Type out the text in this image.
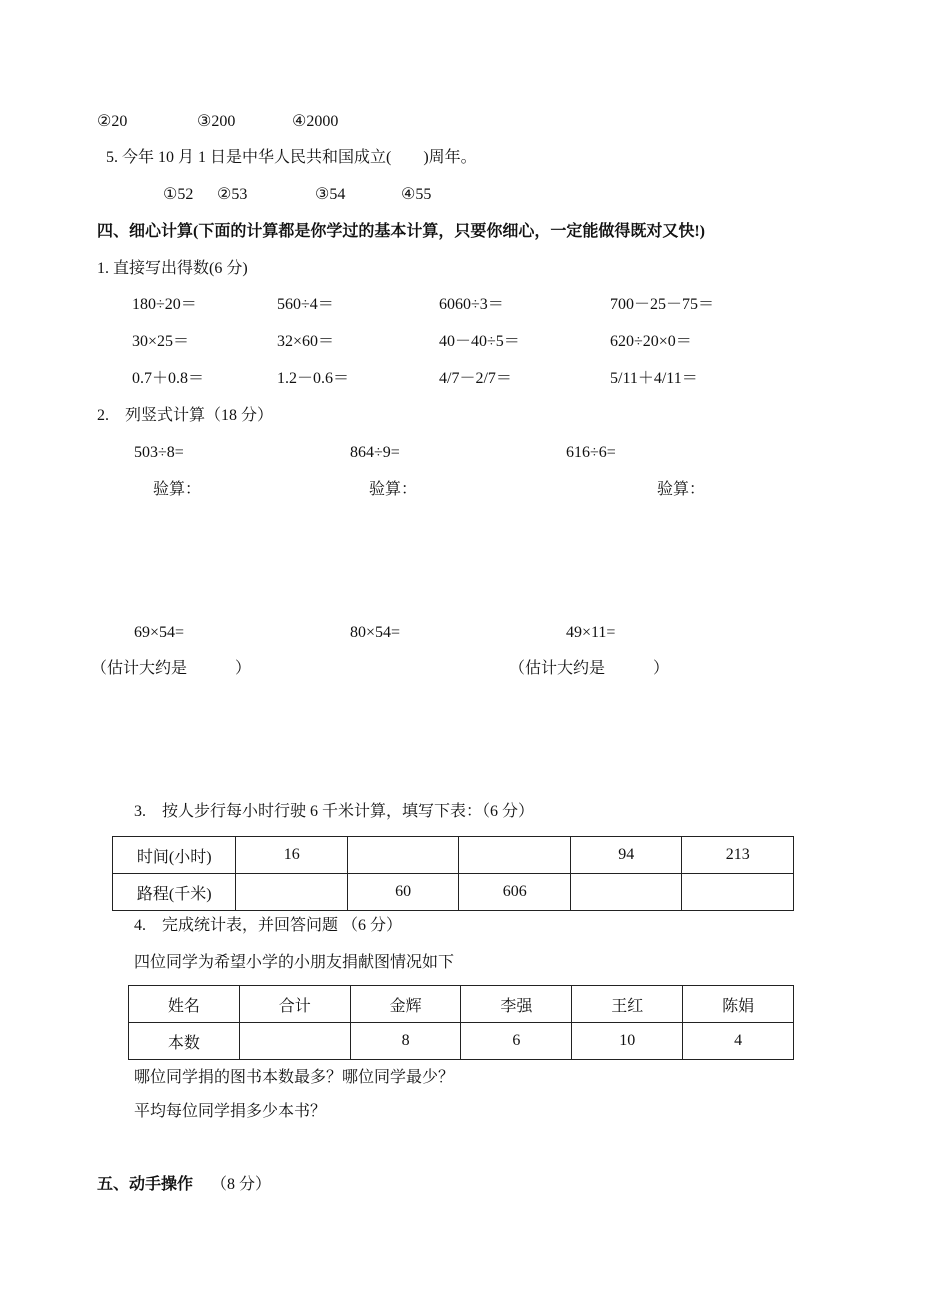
②20	③200	④2000
5. 今年 10 月 1 日是中华人民共和国成立(　　)周年。
①52 ②53	③54	④55
四、细心计算(下面的计算都是你学过的基本计算，只要你细心，一定能做得既对又快!)
1. 直接写出得数(6 分)
180÷20＝	560÷4＝	6060÷3＝	700－25－75＝
30×25＝	32×60＝	40－40÷5＝	620÷20×0＝
0.7＋0.8＝	1.2－0.6＝	4/7－2/7＝	5/11＋4/11＝
2.　列竖式计算（18 分）
503÷8=	864÷9=	616÷6=
验算：	验算：	验算：
69×54=	80×54=	49×11=
（估计大约是　　　）	（估计大约是　　　）
3.　按人步行每小时行驶 6 千米计算，填写下表：（6 分）
时间(小时)	16			94	213
路程(千米)		60	606		
4.　完成统计表，并回答问题 （6 分）
四位同学为希望小学的小朋友捐献图情况如下
姓名	合计	金辉	李强	王红	陈娟
本数		8	6	10	4
哪位同学捐的图书本数最多？哪位同学最少？
平均每位同学捐多少本书？
五、动手操作 （8 分）
